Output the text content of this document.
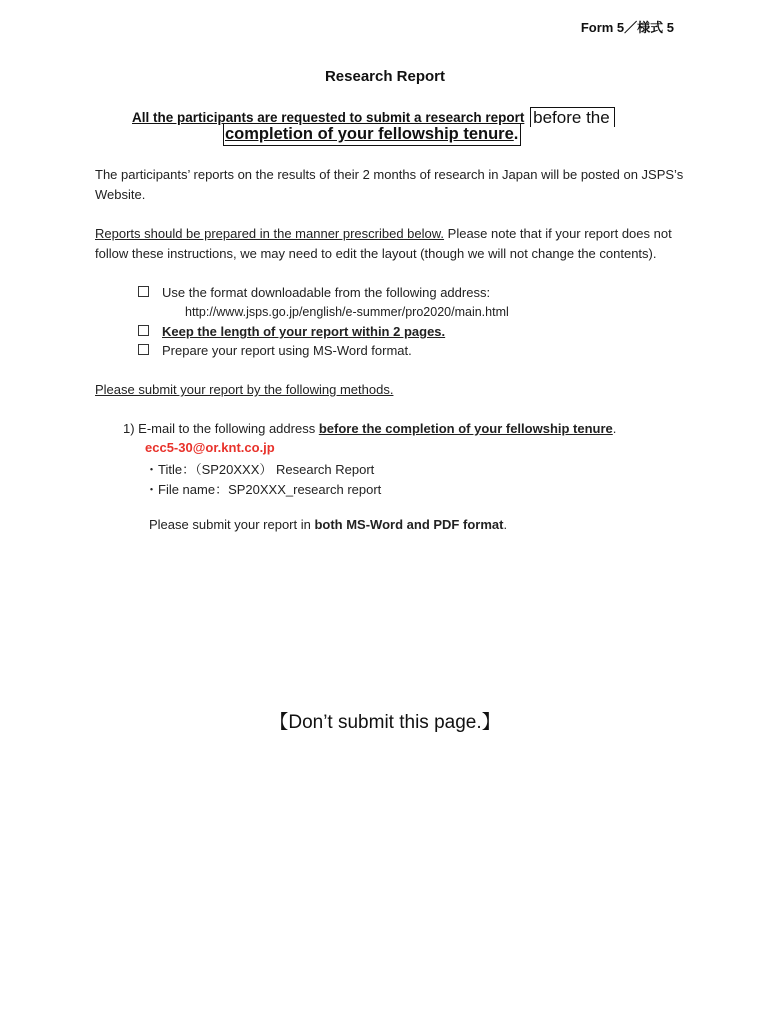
Form 5／様式 5
Research Report
All the participants are requested to submit a research report before the
completion of your fellowship tenure.
The participants’ reports on the results of their 2 months of research in Japan will be posted on JSPS’s Website.
Reports should be prepared in the manner prescribed below. Please note that if your report does not follow these instructions, we may need to edit the layout (though we will not change the contents).
Use the format downloadable from the following address:
http://www.jsps.go.jp/english/e-summer/pro2020/main.html
Keep the length of your report within 2 pages.
Prepare your report using MS-Word format.
Please submit your report by the following methods.
1) E-mail to the following address before the completion of your fellowship tenure.
ecc5-30@or.knt.co.jp
・Title：（SP20XXX） Research Report
・File name：SP20XXX_research report
Please submit your report in both MS-Word and PDF format.
【Don’t submit this page.】
